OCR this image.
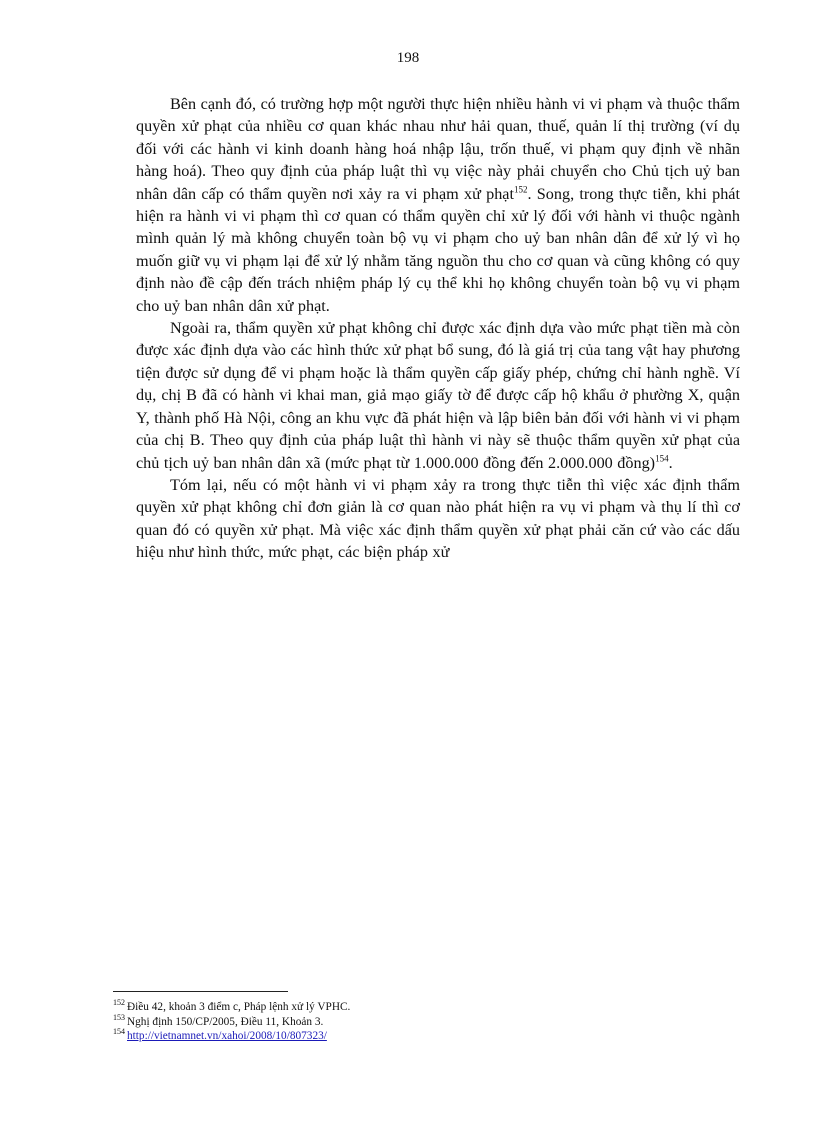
198

Bên cạnh đó, có trường hợp một người thực hiện nhiều hành vi vi phạm và thuộc thẩm quyền xử phạt của nhiều cơ quan khác nhau như hải quan, thuế, quản lí thị trường (ví dụ đối với các hành vi kinh doanh hàng hoá nhập lậu, trốn thuế, vi phạm quy định về nhãn hàng hoá). Theo quy định của pháp luật thì vụ việc này phải chuyển cho Chủ tịch uỷ ban nhân dân cấp có thẩm quyền nơi xảy ra vi phạm xử phạt$^{152}$. Song, trong thực tiễn, khi phát hiện ra hành vi vi phạm thì cơ quan có thẩm quyền chỉ xử lý đối với hành vi thuộc ngành mình quản lý mà không chuyển toàn bộ vụ vi phạm cho uỷ ban nhân dân để xử lý vì họ muốn giữ vụ vi phạm lại để xử lý nhằm tăng nguồn thu cho cơ quan và cũng không có quy định nào đề cập đến trách nhiệm pháp lý cụ thể khi họ không chuyển toàn bộ vụ vi phạm cho uỷ ban nhân dân xử phạt.

Ngoài ra, thẩm quyền xử phạt không chỉ được xác định dựa vào mức phạt tiền mà còn được xác định dựa vào các hình thức xử phạt bổ sung, đó là giá trị của tang vật hay phương tiện được sử dụng để vi phạm hoặc là thẩm quyền cấp giấy phép, chứng chỉ hành nghề. Ví dụ, chị B đã có hành vi khai man, giả mạo giấy tờ để được cấp hộ khẩu ở phường X, quận Y, thành phố Hà Nội, công an khu vực đã phát hiện và lập biên bản đối với hành vi vi phạm của chị B. Theo quy định của pháp luật thì hành vi này sẽ thuộc thẩm quyền xử phạt của chủ tịch uỷ ban nhân dân xã (mức phạt từ 1.000.000 đồng đến 2.000.000 đồng)$^{154}$.

Tóm lại, nếu có một hành vi vi phạm xảy ra trong thực tiễn thì việc xác định thẩm quyền xử phạt không chỉ đơn giản là cơ quan nào phát hiện ra vụ vi phạm và thụ lí thì cơ quan đó có quyền xử phạt. Mà việc xác định thẩm quyền xử phạt phải căn cứ vào các dấu hiệu như hình thức, mức phạt, các biện pháp xử

$^{152}$ Điều 42, khoản 3 điểm c, Pháp lệnh xử lý VPHC.

$^{153}$ Nghị định 150/CP/2005, Điều 11, Khoản 3.

$^{154}$ http://vietnamnet.vn/xahoi/2008/10/807323/
